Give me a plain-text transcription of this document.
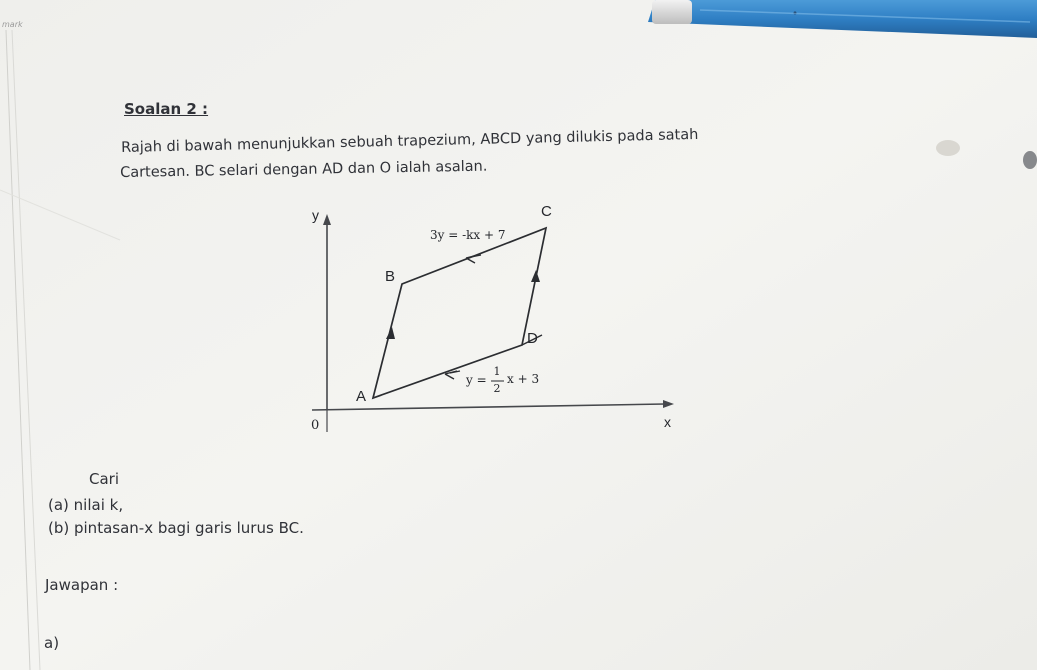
mark
Soalan 2 :
Rajah di bawah menunjukkan sebuah trapezium, ABCD yang dilukis pada satah
Cartesan. BC selari dengan AD dan O ialah asalan.
y
x
0
A
B
C
D
3y = -kx + 7
y =
1
2
x + 3
Cari
(a) nilai k,
(b) pintasan-x bagi garis lurus BC.
Jawapan :
a)
